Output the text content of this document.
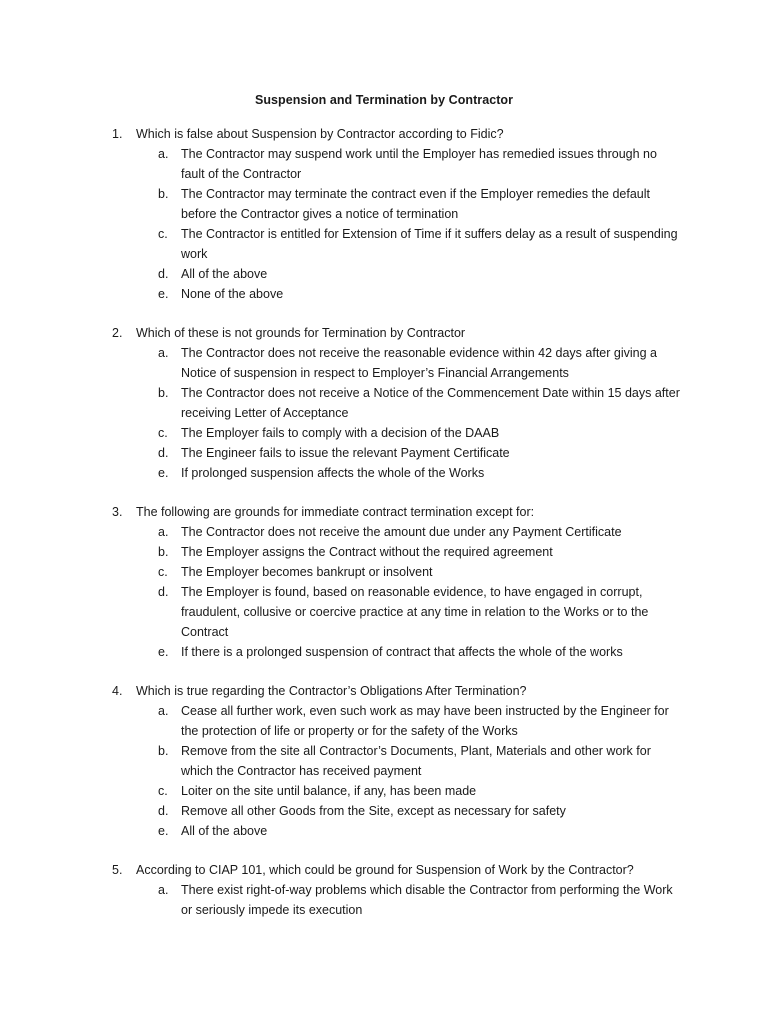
Suspension and Termination by Contractor
1. Which is false about Suspension by Contractor according to Fidic?
a. The Contractor may suspend work until the Employer has remedied issues through no fault of the Contractor
b. The Contractor may terminate the contract even if the Employer remedies the default before the Contractor gives a notice of termination
c. The Contractor is entitled for Extension of Time if it suffers delay as a result of suspending work
d. All of the above
e. None of the above
2. Which of these is not grounds for Termination by Contractor
a. The Contractor does not receive the reasonable evidence within 42 days after giving a Notice of suspension in respect to Employer’s Financial Arrangements
b. The Contractor does not receive a Notice of the Commencement Date within 15 days after receiving Letter of Acceptance
c. The Employer fails to comply with a decision of the DAAB
d. The Engineer fails to issue the relevant Payment Certificate
e. If prolonged suspension affects the whole of the Works
3. The following are grounds for immediate contract termination except for:
a. The Contractor does not receive the amount due under any Payment Certificate
b. The Employer assigns the Contract without the required agreement
c. The Employer becomes bankrupt or insolvent
d. The Employer is found, based on reasonable evidence, to have engaged in corrupt, fraudulent, collusive or coercive practice at any time in relation to the Works or to the Contract
e. If there is a prolonged suspension of contract that affects the whole of the works
4. Which is true regarding the Contractor’s Obligations After Termination?
a. Cease all further work, even such work as may have been instructed by the Engineer for the protection of life or property or for the safety of the Works
b. Remove from the site all Contractor’s Documents, Plant, Materials and other work for which the Contractor has received payment
c. Loiter on the site until balance, if any, has been made
d. Remove all other Goods from the Site, except as necessary for safety
e. All of the above
5. According to CIAP 101, which could be ground for Suspension of Work by the Contractor?
a. There exist right-of-way problems which disable the Contractor from performing the Work or seriously impede its execution
